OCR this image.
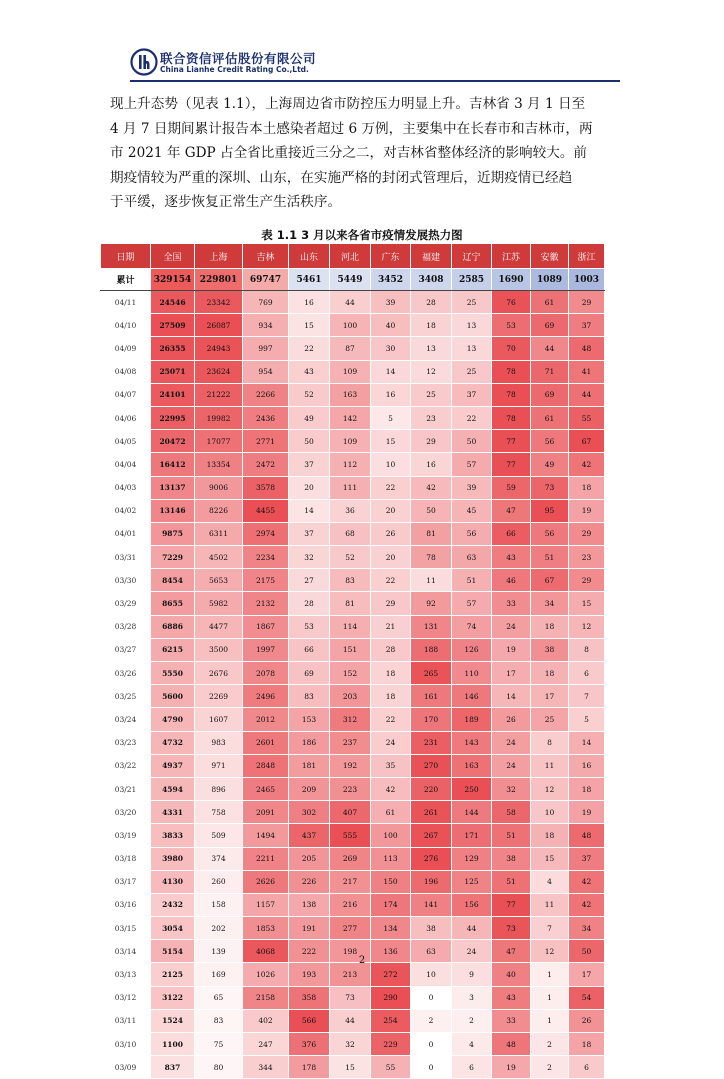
联合资信评估股份有限公司
China Lianhe Credit Rating Co.,Ltd.

现上升态势（见表 1.1），上海周边省市防控压力明显上升。吉林省 3 月 1 日至
4 月 7 日期间累计报告本土感染者超过 6 万例，主要集中在长春市和吉林市，两
市 2021 年 GDP 占全省比重接近三分之二，对吉林省整体经济的影响较大。前
期疫情较为严重的深圳、山东，在实施严格的封闭式管理后，近期疫情已经趋
于平缓，逐步恢复正常生产生活秩序。

表 1.1 3 月以来各省市疫情发展热力图
日期	全国	上海	吉林	山东	河北	广东	福建	辽宁	江苏	安徽	浙江
累计	329154	229801	69747	5461	5449	3452	3408	2585	1690	1089	1003
04/11	24546	23342	769	16	44	39	28	25	76	61	29
04/10	27509	26087	934	15	100	40	18	13	53	69	37
04/09	26355	24943	997	22	87	30	13	13	70	44	48
04/08	25071	23624	954	43	109	14	12	25	78	71	41
04/07	24101	21222	2266	52	163	16	25	37	78	69	44
04/06	22995	19982	2436	49	142	5	23	22	78	61	55
04/05	20472	17077	2771	50	109	15	29	50	77	56	67
04/04	16412	13354	2472	37	112	10	16	57	77	49	42
04/03	13137	9006	3578	20	111	22	42	39	59	73	18
04/02	13146	8226	4455	14	36	20	50	45	47	95	19
04/01	9875	6311	2974	37	68	26	81	56	66	56	29
03/31	7229	4502	2234	32	52	20	78	63	43	51	23
03/30	8454	5653	2175	27	83	22	11	51	46	67	29
03/29	8655	5982	2132	28	81	29	92	57	33	34	15
03/28	6886	4477	1867	53	114	21	131	74	24	18	12
03/27	6215	3500	1997	66	151	28	188	126	19	38	8
03/26	5550	2676	2078	69	152	18	265	110	17	18	6
03/25	5600	2269	2496	83	203	18	161	146	14	17	7
03/24	4790	1607	2012	153	312	22	170	189	26	25	5
03/23	4732	983	2601	186	237	24	231	143	24	8	14
03/22	4937	971	2848	181	192	35	270	163	24	11	16
03/21	4594	896	2465	209	223	42	220	250	32	12	18
03/20	4331	758	2091	302	407	61	261	144	58	10	19
03/19	3833	509	1494	437	555	100	267	171	51	18	48
03/18	3980	374	2211	205	269	113	276	129	38	15	37
03/17	4130	260	2626	226	217	150	196	125	51	4	42
03/16	2432	158	1157	138	216	174	141	156	77	11	42
03/15	3054	202	1853	191	277	134	38	44	73	7	34
03/14	5154	139	4068	222	198	136	63	24	47	12	50
03/13	2125	169	1026	193	213	272	10	9	40	1	17
03/12	3122	65	2158	358	73	290	0	3	43	1	54
03/11	1524	83	402	566	44	254	2	2	33	1	26
03/10	1100	75	247	376	32	229	0	4	48	2	18
03/09	837	80	344	178	15	55	0	6	19	2	6
2
